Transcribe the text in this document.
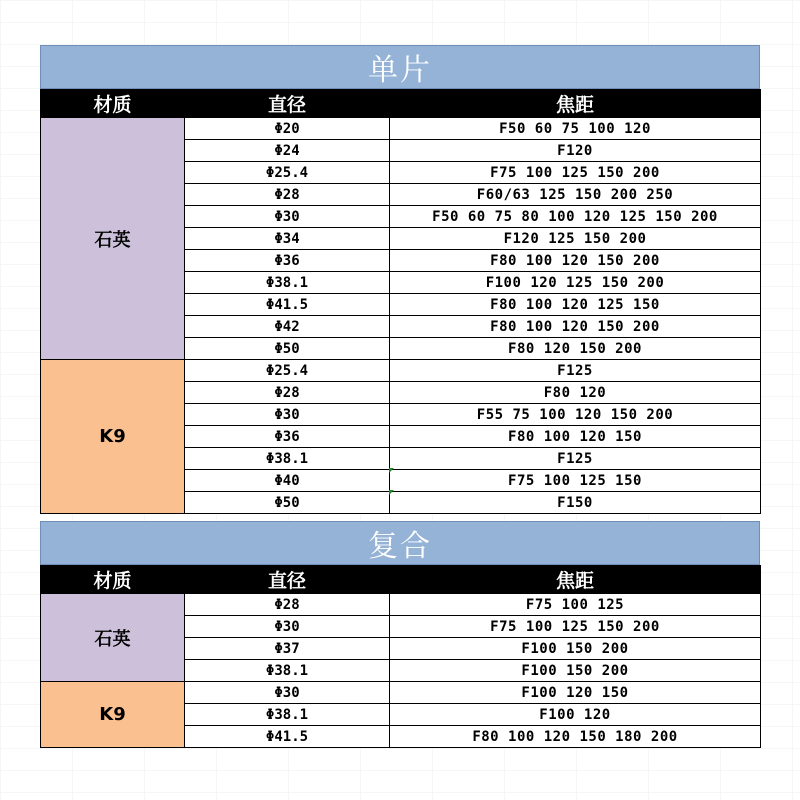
单片
材质	直径	焦距
石英	Φ20	F50 60 75 100 120
	Φ24	F120
	Φ25.4	F75 100 125 150 200
	Φ28	F60/63 125 150 200 250
	Φ30	F50 60 75 80 100 120 125 150 200
	Φ34	F120 125 150 200
	Φ36	F80 100 120 150 200
	Φ38.1	F100 120 125 150 200
	Φ41.5	F80 100 120 125 150
	Φ42	F80 100 120 150 200
	Φ50	F80 120 150 200
K9	Φ25.4	F125
	Φ28	F80 120
	Φ30	F55 75 100 120 150 200
	Φ36	F80 100 120 150
	Φ38.1	F125
	Φ40	F75 100 125 150
	Φ50	F150
复合
材质	直径	焦距
石英	Φ28	F75 100 125
	Φ30	F75 100 125 150 200
	Φ37	F100 150 200
	Φ38.1	F100 150 200
K9	Φ30	F100 120 150
	Φ38.1	F100 120
	Φ41.5	F80 100 120 150 180 200
